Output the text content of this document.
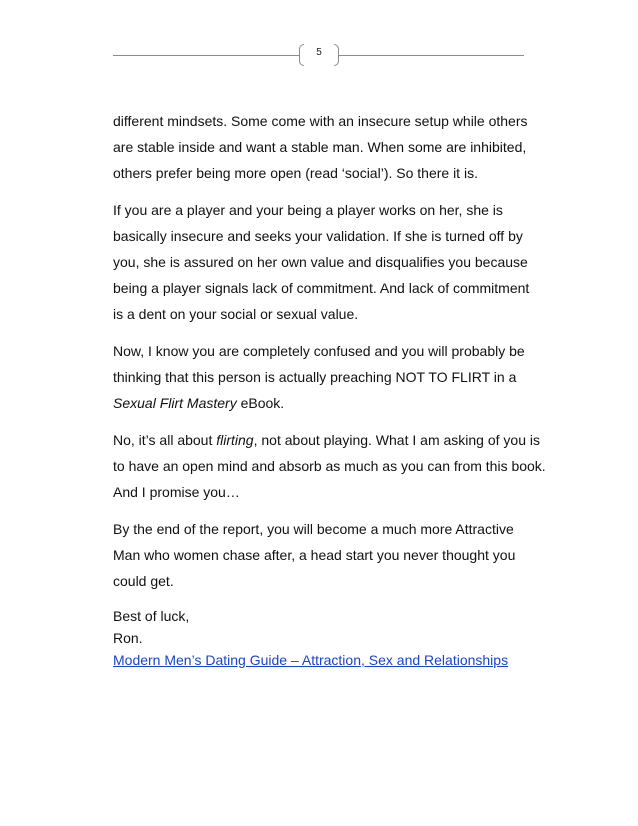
5

different mindsets. Some come with an insecure setup while others
are stable inside and want a stable man. When some are inhibited,
others prefer being more open (read ‘social’). So there it is.

If you are a player and your being a player works on her, she is
basically insecure and seeks your validation. If she is turned off by
you, she is assured on her own value and disqualifies you because
being a player signals lack of commitment. And lack of commitment
is a dent on your social or sexual value.

Now, I know you are completely confused and you will probably be
thinking that this person is actually preaching NOT TO FLIRT in a
Sexual Flirt Mastery eBook.

No, it’s all about flirting, not about playing. What I am asking of you is
to have an open mind and absorb as much as you can from this book.
And I promise you…

By the end of the report, you will become a much more Attractive
Man who women chase after, a head start you never thought you
could get.

Best of luck,

Ron.

Modern Men’s Dating Guide – Attraction, Sex and Relationships
